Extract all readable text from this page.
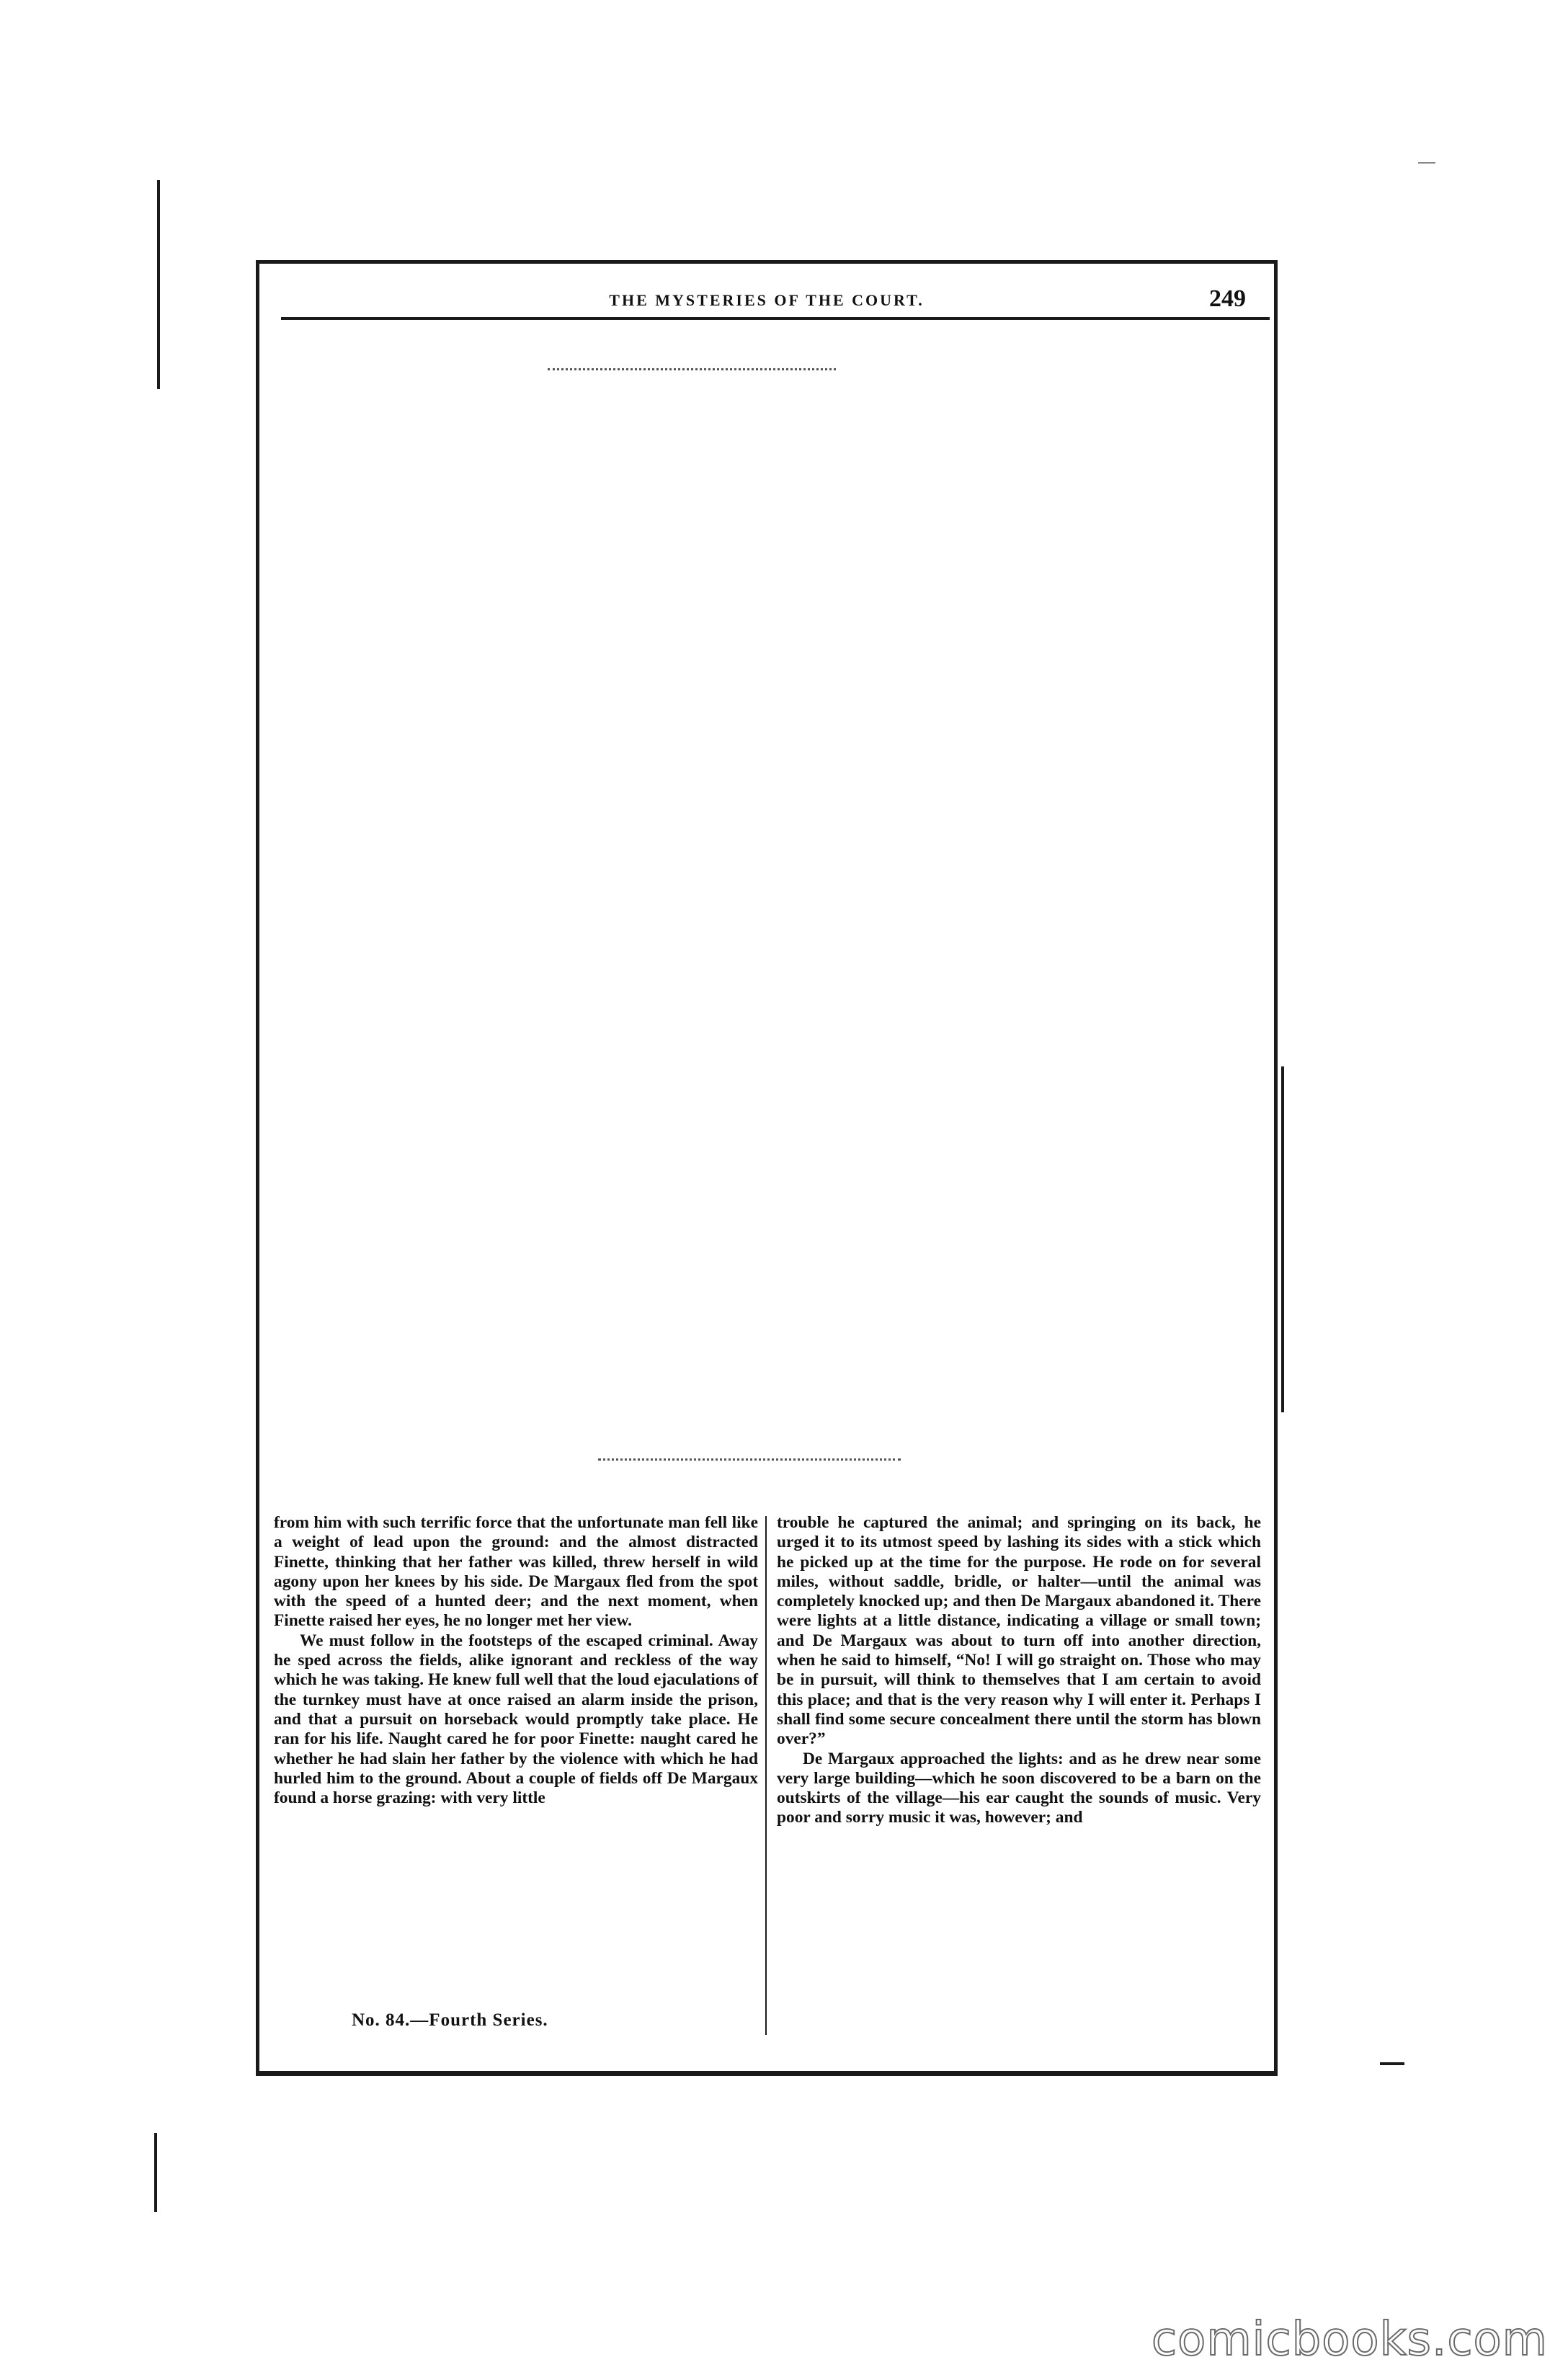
THE MYSTERIES OF THE COURT.	249

from him with such terrific force that the unfortunate man fell like a weight of lead upon the ground: and the almost distracted Finette, thinking that her father was killed, threw herself in wild agony upon her knees by his side. De Margaux fled from the spot with the speed of a hunted deer; and the next moment, when Finette raised her eyes, he no longer met her view.

We must follow in the footsteps of the escaped criminal. Away he sped across the fields, alike ignorant and reckless of the way which he was taking. He knew full well that the loud ejaculations of the turnkey must have at once raised an alarm inside the prison, and that a pursuit on horseback would promptly take place. He ran for his life. Naught cared he for poor Finette: naught cared he whether he had slain her father by the violence with which he had hurled him to the ground. About a couple of fields off De Margaux found a horse grazing: with very little

trouble he captured the animal; and springing on its back, he urged it to its utmost speed by lashing its sides with a stick which he picked up at the time for the purpose. He rode on for several miles, without saddle, bridle, or halter—until the animal was completely knocked up; and then De Margaux abandoned it. There were lights at a little distance, indicating a village or small town; and De Margaux was about to turn off into another direction, when he said to himself, “No! I will go straight on. Those who may be in pursuit, will think to themselves that I am certain to avoid this place; and that is the very reason why I will enter it. Perhaps I shall find some secure concealment there until the storm has blown over?”

De Margaux approached the lights: and as he drew near some very large building—which he soon discovered to be a barn on the outskirts of the village—his ear caught the sounds of music. Very poor and sorry music it was, however; and

No. 84.—Fourth Series.
comicbooks.com
